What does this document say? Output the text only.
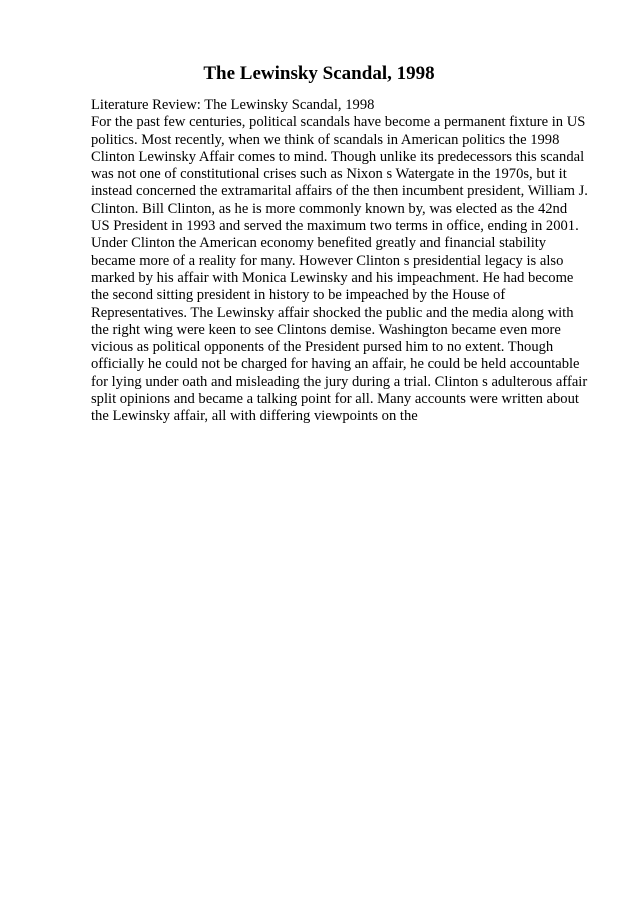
The Lewinsky Scandal, 1998
Literature Review: The Lewinsky Scandal, 1998
For the past few centuries, political scandals have become a permanent fixture in US
politics. Most recently, when we think of scandals in American politics the 1998
Clinton Lewinsky Affair comes to mind. Though unlike its predecessors this scandal
was not one of constitutional crises such as Nixon s Watergate in the 1970s, but it
instead concerned the extramarital affairs of the then incumbent president, William J.
Clinton. Bill Clinton, as he is more commonly known by, was elected as the 42nd
US President in 1993 and served the maximum two terms in office, ending in 2001.
Under Clinton the American economy benefited greatly and financial stability
became more of a reality for many. However Clinton s presidential legacy is also
marked by his affair with Monica Lewinsky and his impeachment. He had become
the second sitting president in history to be impeached by the House of
Representatives. The Lewinsky affair shocked the public and the media along with
the right wing were keen to see Clintons demise. Washington became even more
vicious as political opponents of the President pursed him to no extent. Though
officially he could not be charged for having an affair, he could be held accountable
for lying under oath and misleading the jury during a trial. Clinton s adulterous affair
split opinions and became a talking point for all. Many accounts were written about
the Lewinsky affair, all with differing viewpoints on the
